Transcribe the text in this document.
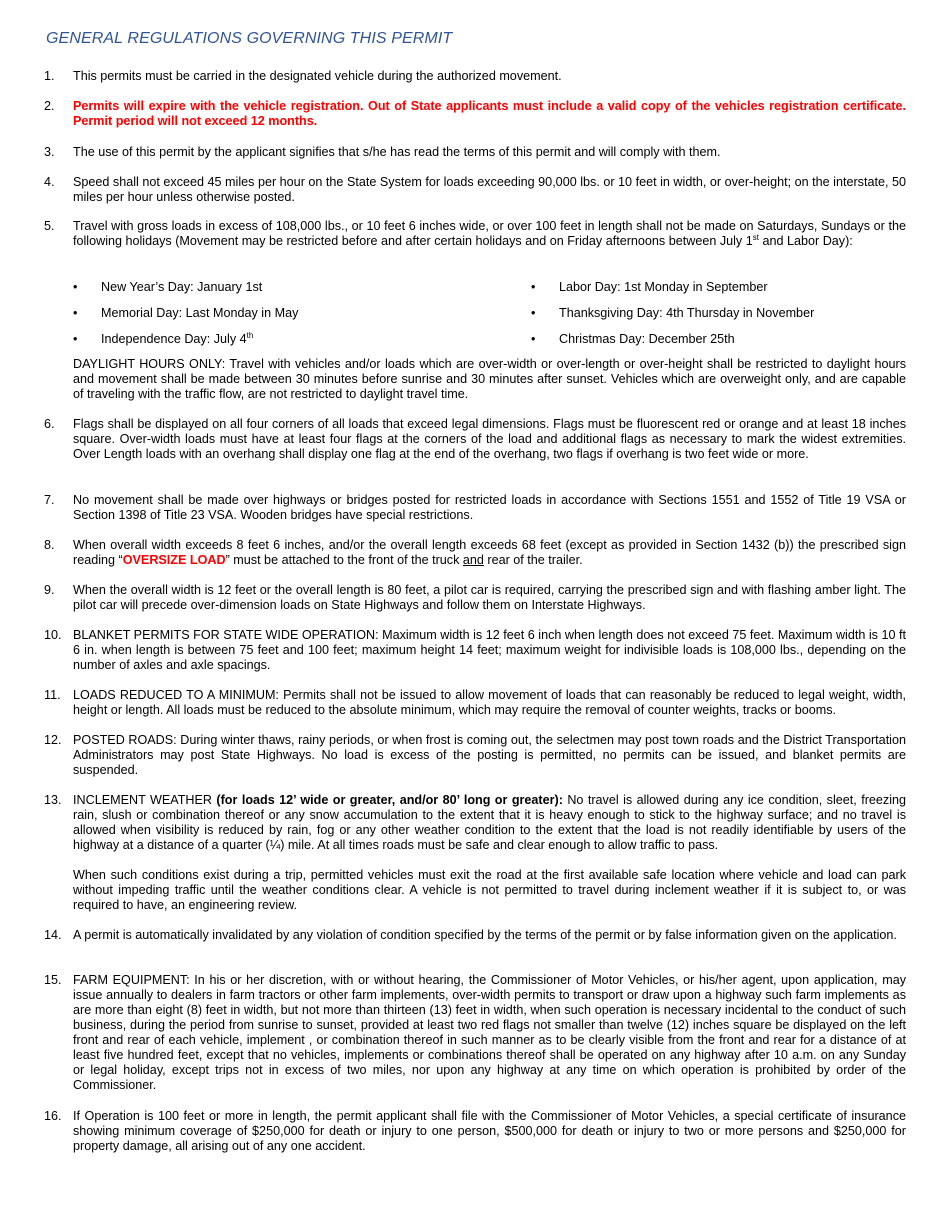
GENERAL REGULATIONS GOVERNING THIS PERMIT
1. This permits must be carried in the designated vehicle during the authorized movement.
2. Permits will expire with the vehicle registration. Out of State applicants must include a valid copy of the vehicles registration certificate. Permit period will not exceed 12 months.
3. The use of this permit by the applicant signifies that s/he has read the terms of this permit and will comply with them.
4. Speed shall not exceed 45 miles per hour on the State System for loads exceeding 90,000 lbs. or 10 feet in width, or over-height; on the interstate, 50 miles per hour unless otherwise posted.
5. Travel with gross loads in excess of 108,000 lbs., or 10 feet 6 inches wide, or over 100 feet in length shall not be made on Saturdays, Sundays or the following holidays (Movement may be restricted before and after certain holidays and on Friday afternoons between July 1st and Labor Day):
• New Year’s Day: January 1st
• Memorial Day: Last Monday in May
• Independence Day: July 4th
• Labor Day: 1st Monday in September
• Thanksgiving Day: 4th Thursday in November
• Christmas Day: December 25th
DAYLIGHT HOURS ONLY: Travel with vehicles and/or loads which are over-width or over-length or over-height shall be restricted to daylight hours and movement shall be made between 30 minutes before sunrise and 30 minutes after sunset. Vehicles which are overweight only, and are capable of traveling with the traffic flow, are not restricted to daylight travel time.
6. Flags shall be displayed on all four corners of all loads that exceed legal dimensions. Flags must be fluorescent red or orange and at least 18 inches square. Over-width loads must have at least four flags at the corners of the load and additional flags as necessary to mark the widest extremities. Over Length loads with an overhang shall display one flag at the end of the overhang, two flags if overhang is two feet wide or more.
7. No movement shall be made over highways or bridges posted for restricted loads in accordance with Sections 1551 and 1552 of Title 19 VSA or Section 1398 of Title 23 VSA. Wooden bridges have special restrictions.
8. When overall width exceeds 8 feet 6 inches, and/or the overall length exceeds 68 feet (except as provided in Section 1432 (b)) the prescribed sign reading “OVERSIZE LOAD” must be attached to the front of the truck and rear of the trailer.
9. When the overall width is 12 feet or the overall length is 80 feet, a pilot car is required, carrying the prescribed sign and with flashing amber light. The pilot car will precede over-dimension loads on State Highways and follow them on Interstate Highways.
10. BLANKET PERMITS FOR STATE WIDE OPERATION: Maximum width is 12 feet 6 inch when length does not exceed 75 feet. Maximum width is 10 ft 6 in. when length is between 75 feet and 100 feet; maximum height 14 feet; maximum weight for indivisible loads is 108,000 lbs., depending on the number of axles and axle spacings.
11. LOADS REDUCED TO A MINIMUM: Permits shall not be issued to allow movement of loads that can reasonably be reduced to legal weight, width, height or length. All loads must be reduced to the absolute minimum, which may require the removal of counter weights, tracks or booms.
12. POSTED ROADS: During winter thaws, rainy periods, or when frost is coming out, the selectmen may post town roads and the District Transportation Administrators may post State Highways. No load is excess of the posting is permitted, no permits can be issued, and blanket permits are suspended.
13. INCLEMENT WEATHER (for loads 12’ wide or greater, and/or 80’ long or greater): No travel is allowed during any ice condition, sleet, freezing rain, slush or combination thereof or any snow accumulation to the extent that it is heavy enough to stick to the highway surface; and no travel is allowed when visibility is reduced by rain, fog or any other weather condition to the extent that the load is not readily identifiable by users of the highway at a distance of a quarter (¼) mile. At all times roads must be safe and clear enough to allow traffic to pass.
When such conditions exist during a trip, permitted vehicles must exit the road at the first available safe location where vehicle and load can park without impeding traffic until the weather conditions clear. A vehicle is not permitted to travel during inclement weather if it is subject to, or was required to have, an engineering review.
14. A permit is automatically invalidated by any violation of condition specified by the terms of the permit or by false information given on the application.
15. FARM EQUIPMENT: In his or her discretion, with or without hearing, the Commissioner of Motor Vehicles, or his/her agent, upon application, may issue annually to dealers in farm tractors or other farm implements, over-width permits to transport or draw upon a highway such farm implements as are more than eight (8) feet in width, but not more than thirteen (13) feet in width, when such operation is necessary incidental to the conduct of such business, during the period from sunrise to sunset, provided at least two red flags not smaller than twelve (12) inches square be displayed on the left front and rear of each vehicle, implement , or combination thereof in such manner as to be clearly visible from the front and rear for a distance of at least five hundred feet, except that no vehicles, implements or combinations thereof shall be operated on any highway after 10 a.m. on any Sunday or legal holiday, except trips not in excess of two miles, nor upon any highway at any time on which operation is prohibited by order of the Commissioner.
16. If Operation is 100 feet or more in length, the permit applicant shall file with the Commissioner of Motor Vehicles, a special certificate of insurance showing minimum coverage of $250,000 for death or injury to one person, $500,000 for death or injury to two or more persons and $250,000 for property damage, all arising out of any one accident.
